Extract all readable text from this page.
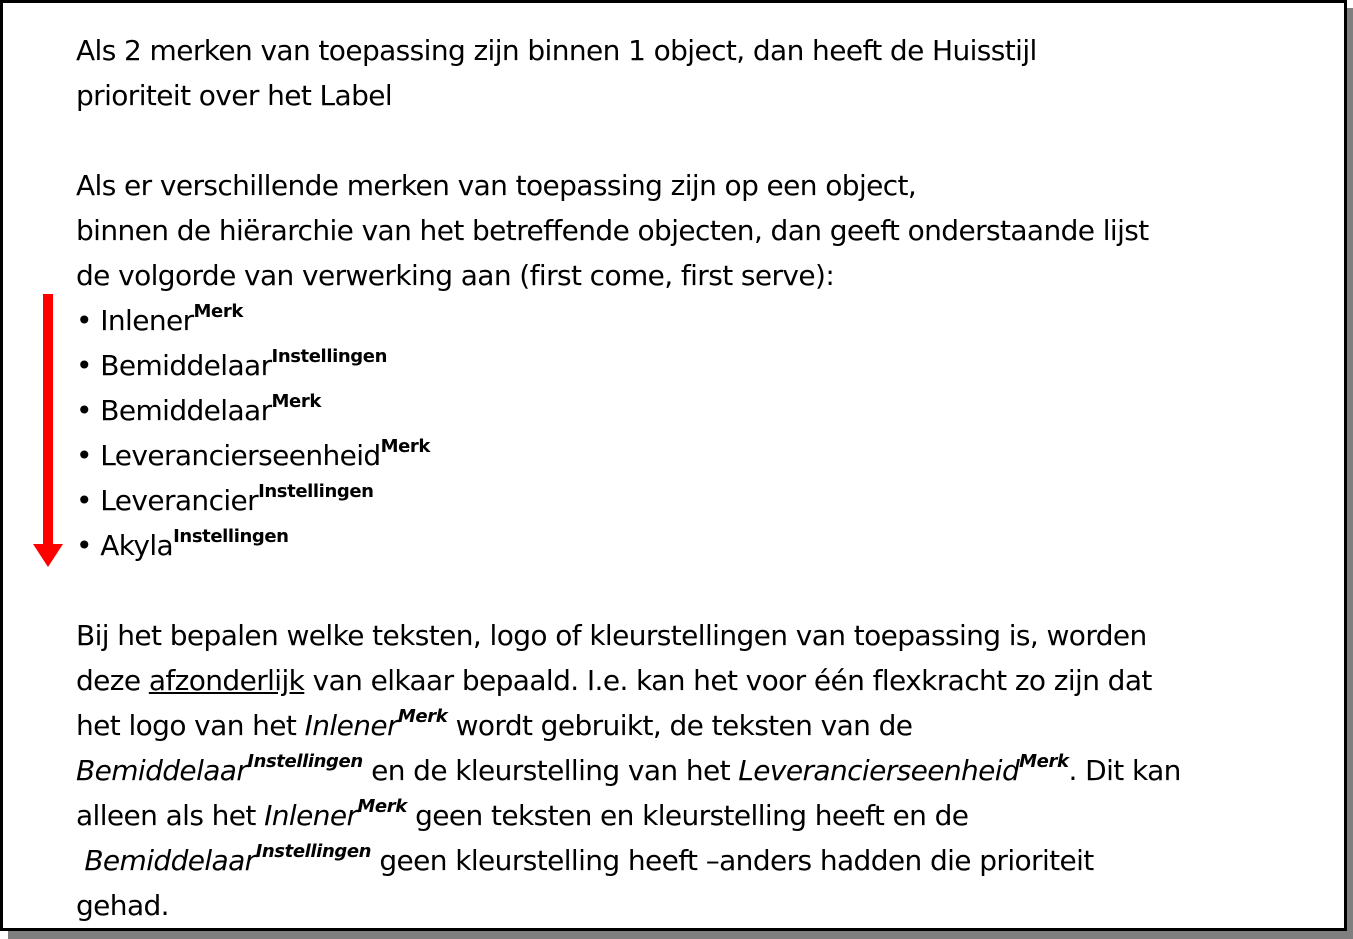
Als 2 merken van toepassing zijn binnen 1 object, dan heeft de Huisstijl
prioriteit over het Label
Als er verschillende merken van toepassing zijn op een object,
binnen de hiërarchie van het betreffende objecten, dan geeft onderstaande lijst
de volgorde van verwerking aan (first come, first serve):
• Inlener$^{Merk}$
• Bemiddelaar$^{Instellingen}$
• Bemiddelaar$^{Merk}$
• Leverancierseenheid$^{Merk}$
• Leverancier$^{Instellingen}$
• Akyla$^{Instellingen}$
Bij het bepalen welke teksten, logo of kleurstellingen van toepassing is, worden
deze afzonderlijk van elkaar bepaald. I.e. kan het voor één flexkracht zo zijn dat
het logo van het Inlener$^{Merk}$ wordt gebruikt, de teksten van de
Bemiddelaar$^{Instellingen}$ en de kleurstelling van het Leverancierseenheid$^{Merk}$. Dit kan
alleen als het Inlener$^{Merk}$ geen teksten en kleurstelling heeft en de
Bemiddelaar$^{Instellingen}$ geen kleurstelling heeft –anders hadden die prioriteit
gehad.
